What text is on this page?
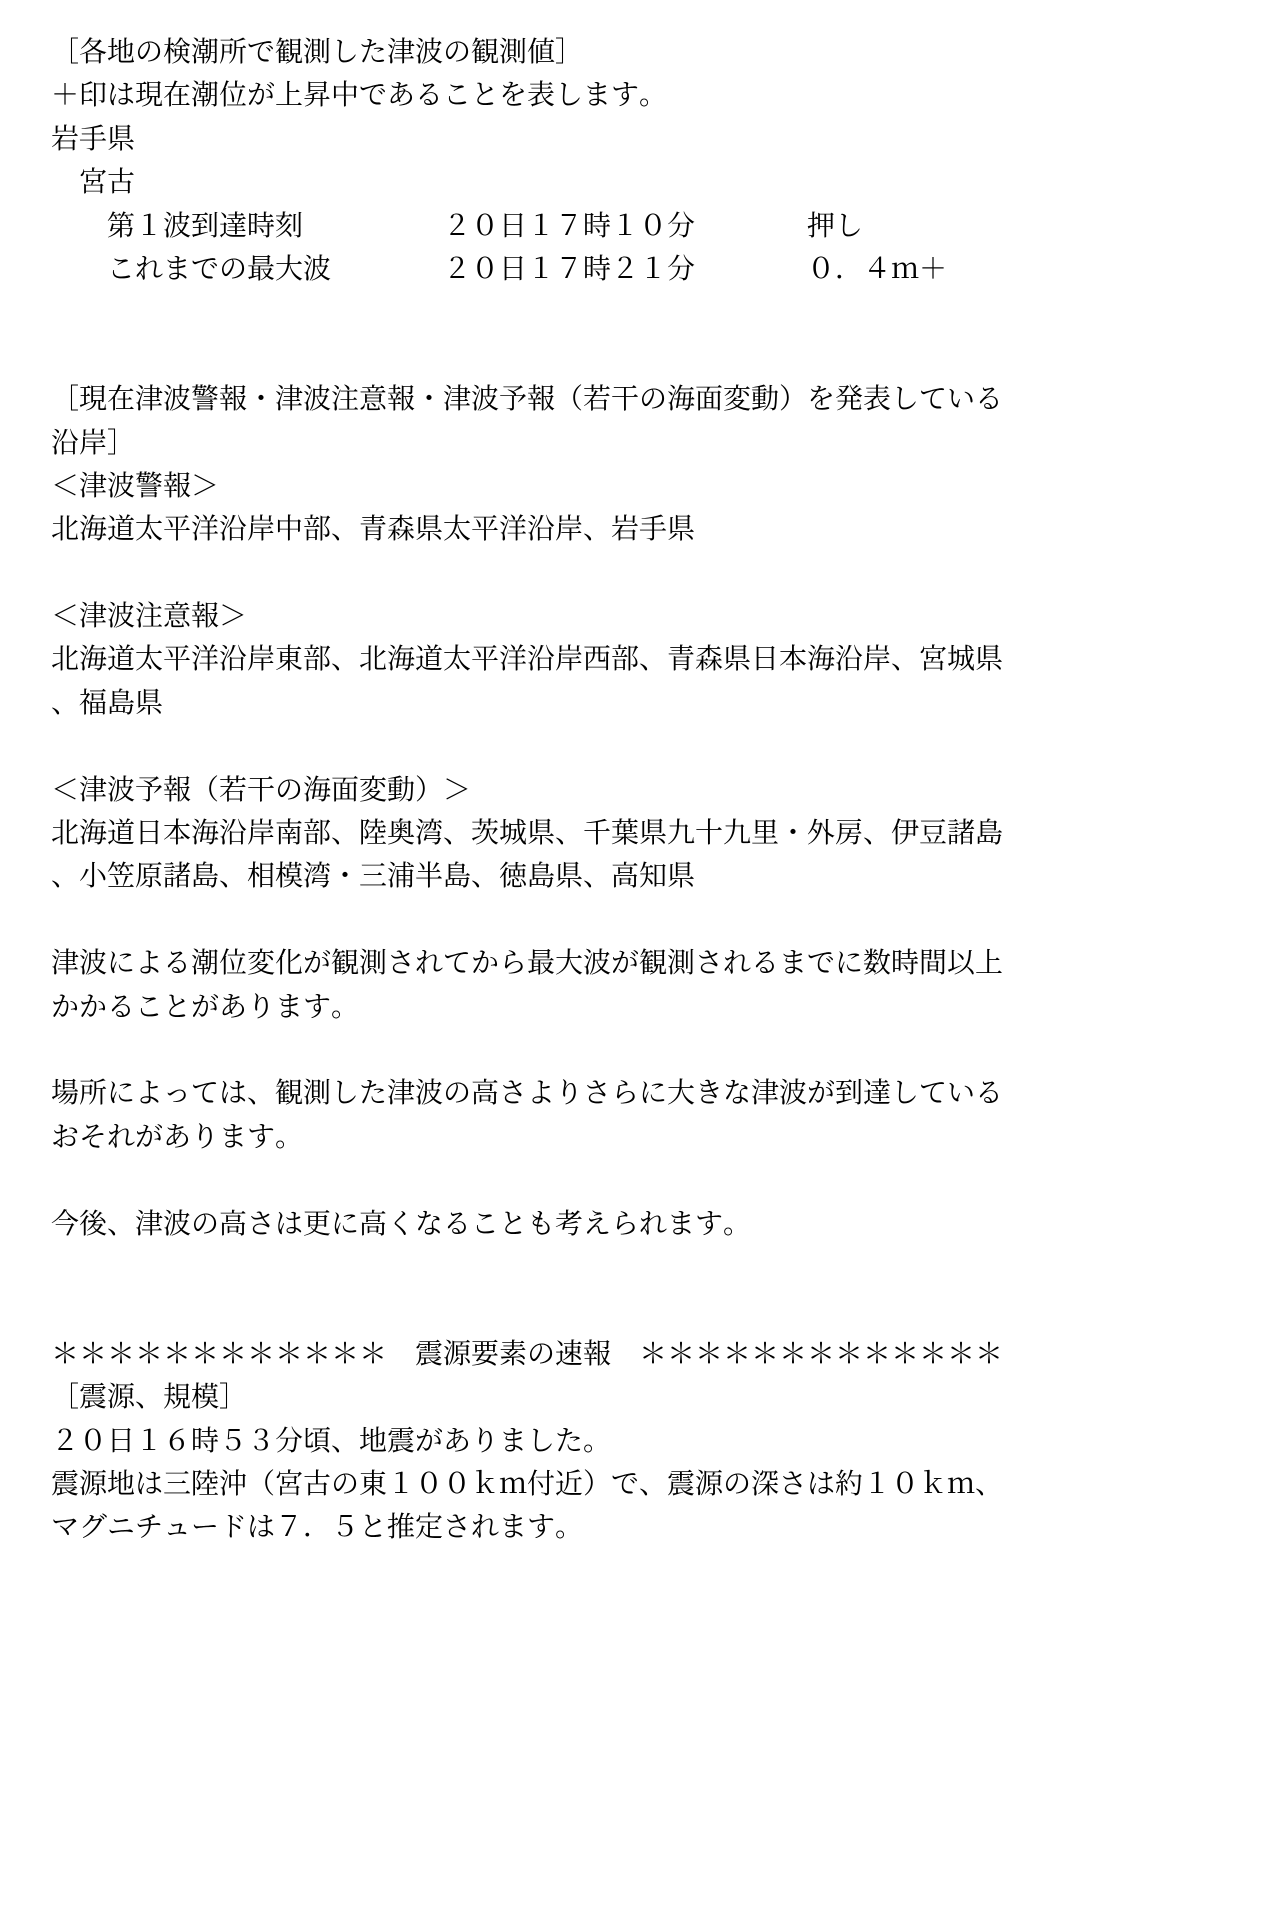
［各地の検潮所で観測した津波の観測値］
＋印は現在潮位が上昇中であることを表します。
岩手県
　宮古
　　第１波到達時刻　　　　　２０日１７時１０分　　　　押し
　　これまでの最大波　　　　２０日１７時２１分　　　　０．４ｍ＋

［現在津波警報・津波注意報・津波予報（若干の海面変動）を発表している
沿岸］
＜津波警報＞
北海道太平洋沿岸中部、青森県太平洋沿岸、岩手県

＜津波注意報＞
北海道太平洋沿岸東部、北海道太平洋沿岸西部、青森県日本海沿岸、宮城県
、福島県

＜津波予報（若干の海面変動）＞
北海道日本海沿岸南部、陸奥湾、茨城県、千葉県九十九里・外房、伊豆諸島
、小笠原諸島、相模湾・三浦半島、徳島県、高知県

津波による潮位変化が観測されてから最大波が観測されるまでに数時間以上
かかることがあります。

場所によっては、観測した津波の高さよりさらに大きな津波が到達している
おそれがあります。

今後、津波の高さは更に高くなることも考えられます。

＊＊＊＊＊＊＊＊＊＊＊＊　震源要素の速報　＊＊＊＊＊＊＊＊＊＊＊＊＊
［震源、規模］
２０日１６時５３分頃、地震がありました。
震源地は三陸沖（宮古の東１００ｋｍ付近）で、震源の深さは約１０ｋｍ、
マグニチュードは７．５と推定されます。
